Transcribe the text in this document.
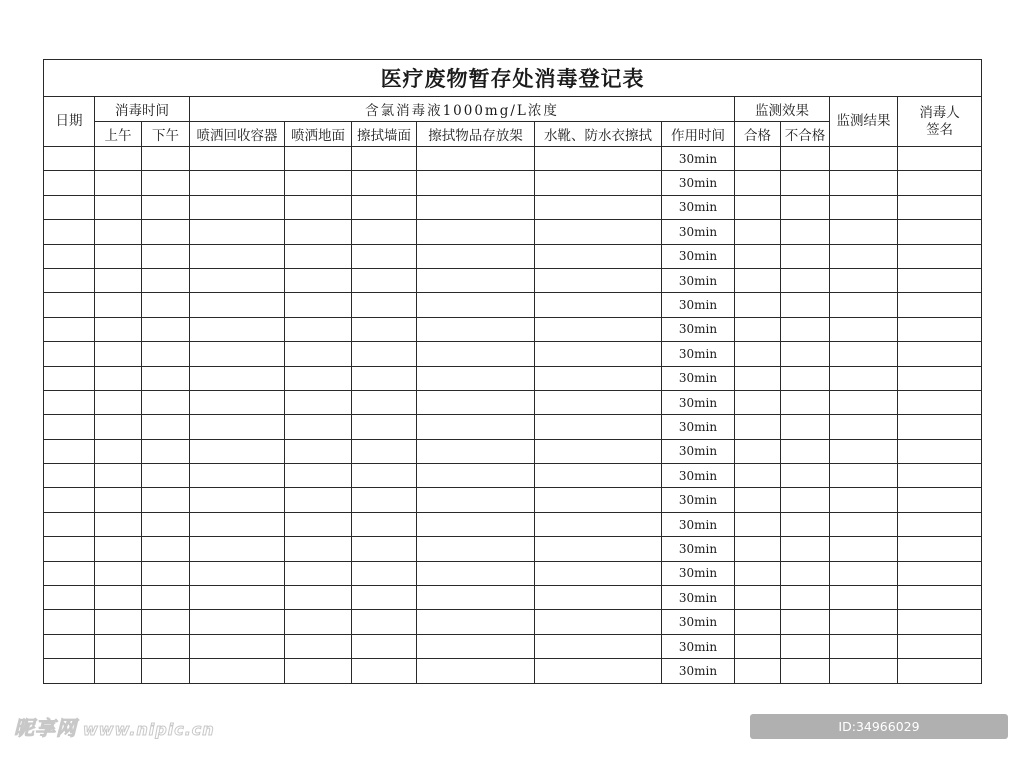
医疗废物暂存处消毒登记表												
日期	消毒时间		含氯消毒液1000mg/L浓度						监测效果		监测结果	消毒人
签名

	上午	下午	喷洒回收容器	喷洒地面	擦拭墙面	擦拭物品存放架	水靴、防水衣擦拭	作用时间	合格	不合格		
								30min				
								30min				
								30min				
								30min				
								30min				
								30min				
								30min				
								30min				
								30min				
								30min				
								30min				
								30min				
								30min				
								30min				
								30min				
								30min				
								30min				
								30min				
								30min				
								30min				
								30min				
								30min				
昵享网 www.nipic.cn	ID:34966029 NO:20251004190538891107
